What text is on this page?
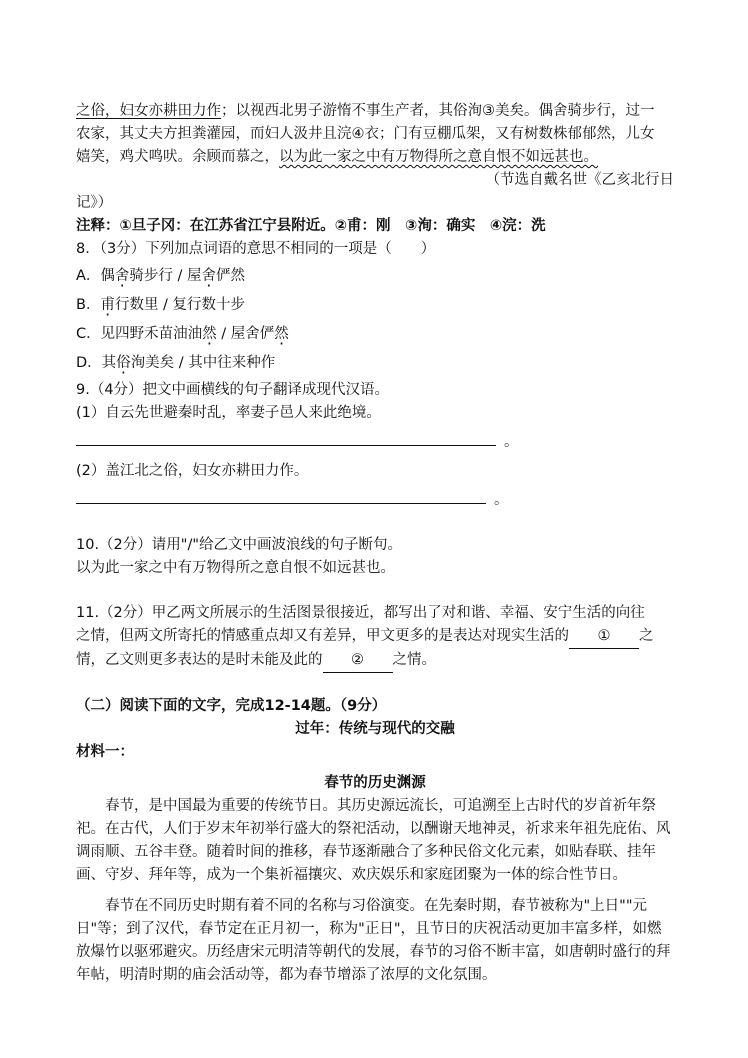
之俗，妇女亦耕田力作；以视西北男子游惰不事生产者，其俗洵③美矣。偶舍骑步行，过一
农家，其丈夫方担粪灌园，而妇人汲井且浣④衣；门有豆棚瓜架，又有树数株郁郁然，儿女
嬉笑，鸡犬鸣吠。余顾而慕之，以为此一家之中有万物得所之意自恨不如远甚也。
（节选自戴名世《乙亥北行日
记》）
注释：①旦子冈：在江苏省江宁县附近。②甫：刚　③洵：确实　④浣：洗
8．（3分）下列加点词语的意思不相同的一项是（　　）
A．偶舍骑步行 / 屋舍俨然
B．甫行数里 / 复行数十步
C．见四野禾苗油油然 / 屋舍俨然
D．其俗洵美矣 / 其中往来种作
9.（4分）把文中画横线的句子翻译成现代汉语。
(1）自云先世避秦时乱，率妻子邑人来此绝境。
。
(2）盖江北之俗，妇女亦耕田力作。
。
10.（2分）请用"/"给乙文中画波浪线的句子断句。
以为此一家之中有万物得所之意自恨不如远甚也。
11.（2分）甲乙两文所展示的生活图景很接近，都写出了对和谐、幸福、安宁生活的向往
之情，但两文所寄托的情感重点却又有差异，甲文更多的是表达对现实生活的 ① 之
情，乙文则更多表达的是时未能及此的 ② 之情。
（二）阅读下面的文字，完成12-14题。（9分）
过年：传统与现代的交融
材料一：
春节的历史渊源

春节，是中国最为重要的传统节日。其历史源远流长，可追溯至上古时代的岁首祈年祭祀。在古代，人们于岁末年初举行盛大的祭祀活动，以酬谢天地神灵，祈求来年祖先庇佑、风调雨顺、五谷丰登。随着时间的推移，春节逐渐融合了多种民俗文化元素，如贴春联、挂年画、守岁、拜年等，成为一个集祈福攘灾、欢庆娱乐和家庭团聚为一体的综合性节日。

春节在不同历史时期有着不同的名称与习俗演变。在先秦时期，春节被称为"上日""元日"等；到了汉代，春节定在正月初一，称为"正日"，且节日的庆祝活动更加丰富多样，如燃放爆竹以驱邪避灾。历经唐宋元明清等朝代的发展，春节的习俗不断丰富，如唐朝时盛行的拜年帖，明清时期的庙会活动等，都为春节增添了浓厚的文化氛围。
